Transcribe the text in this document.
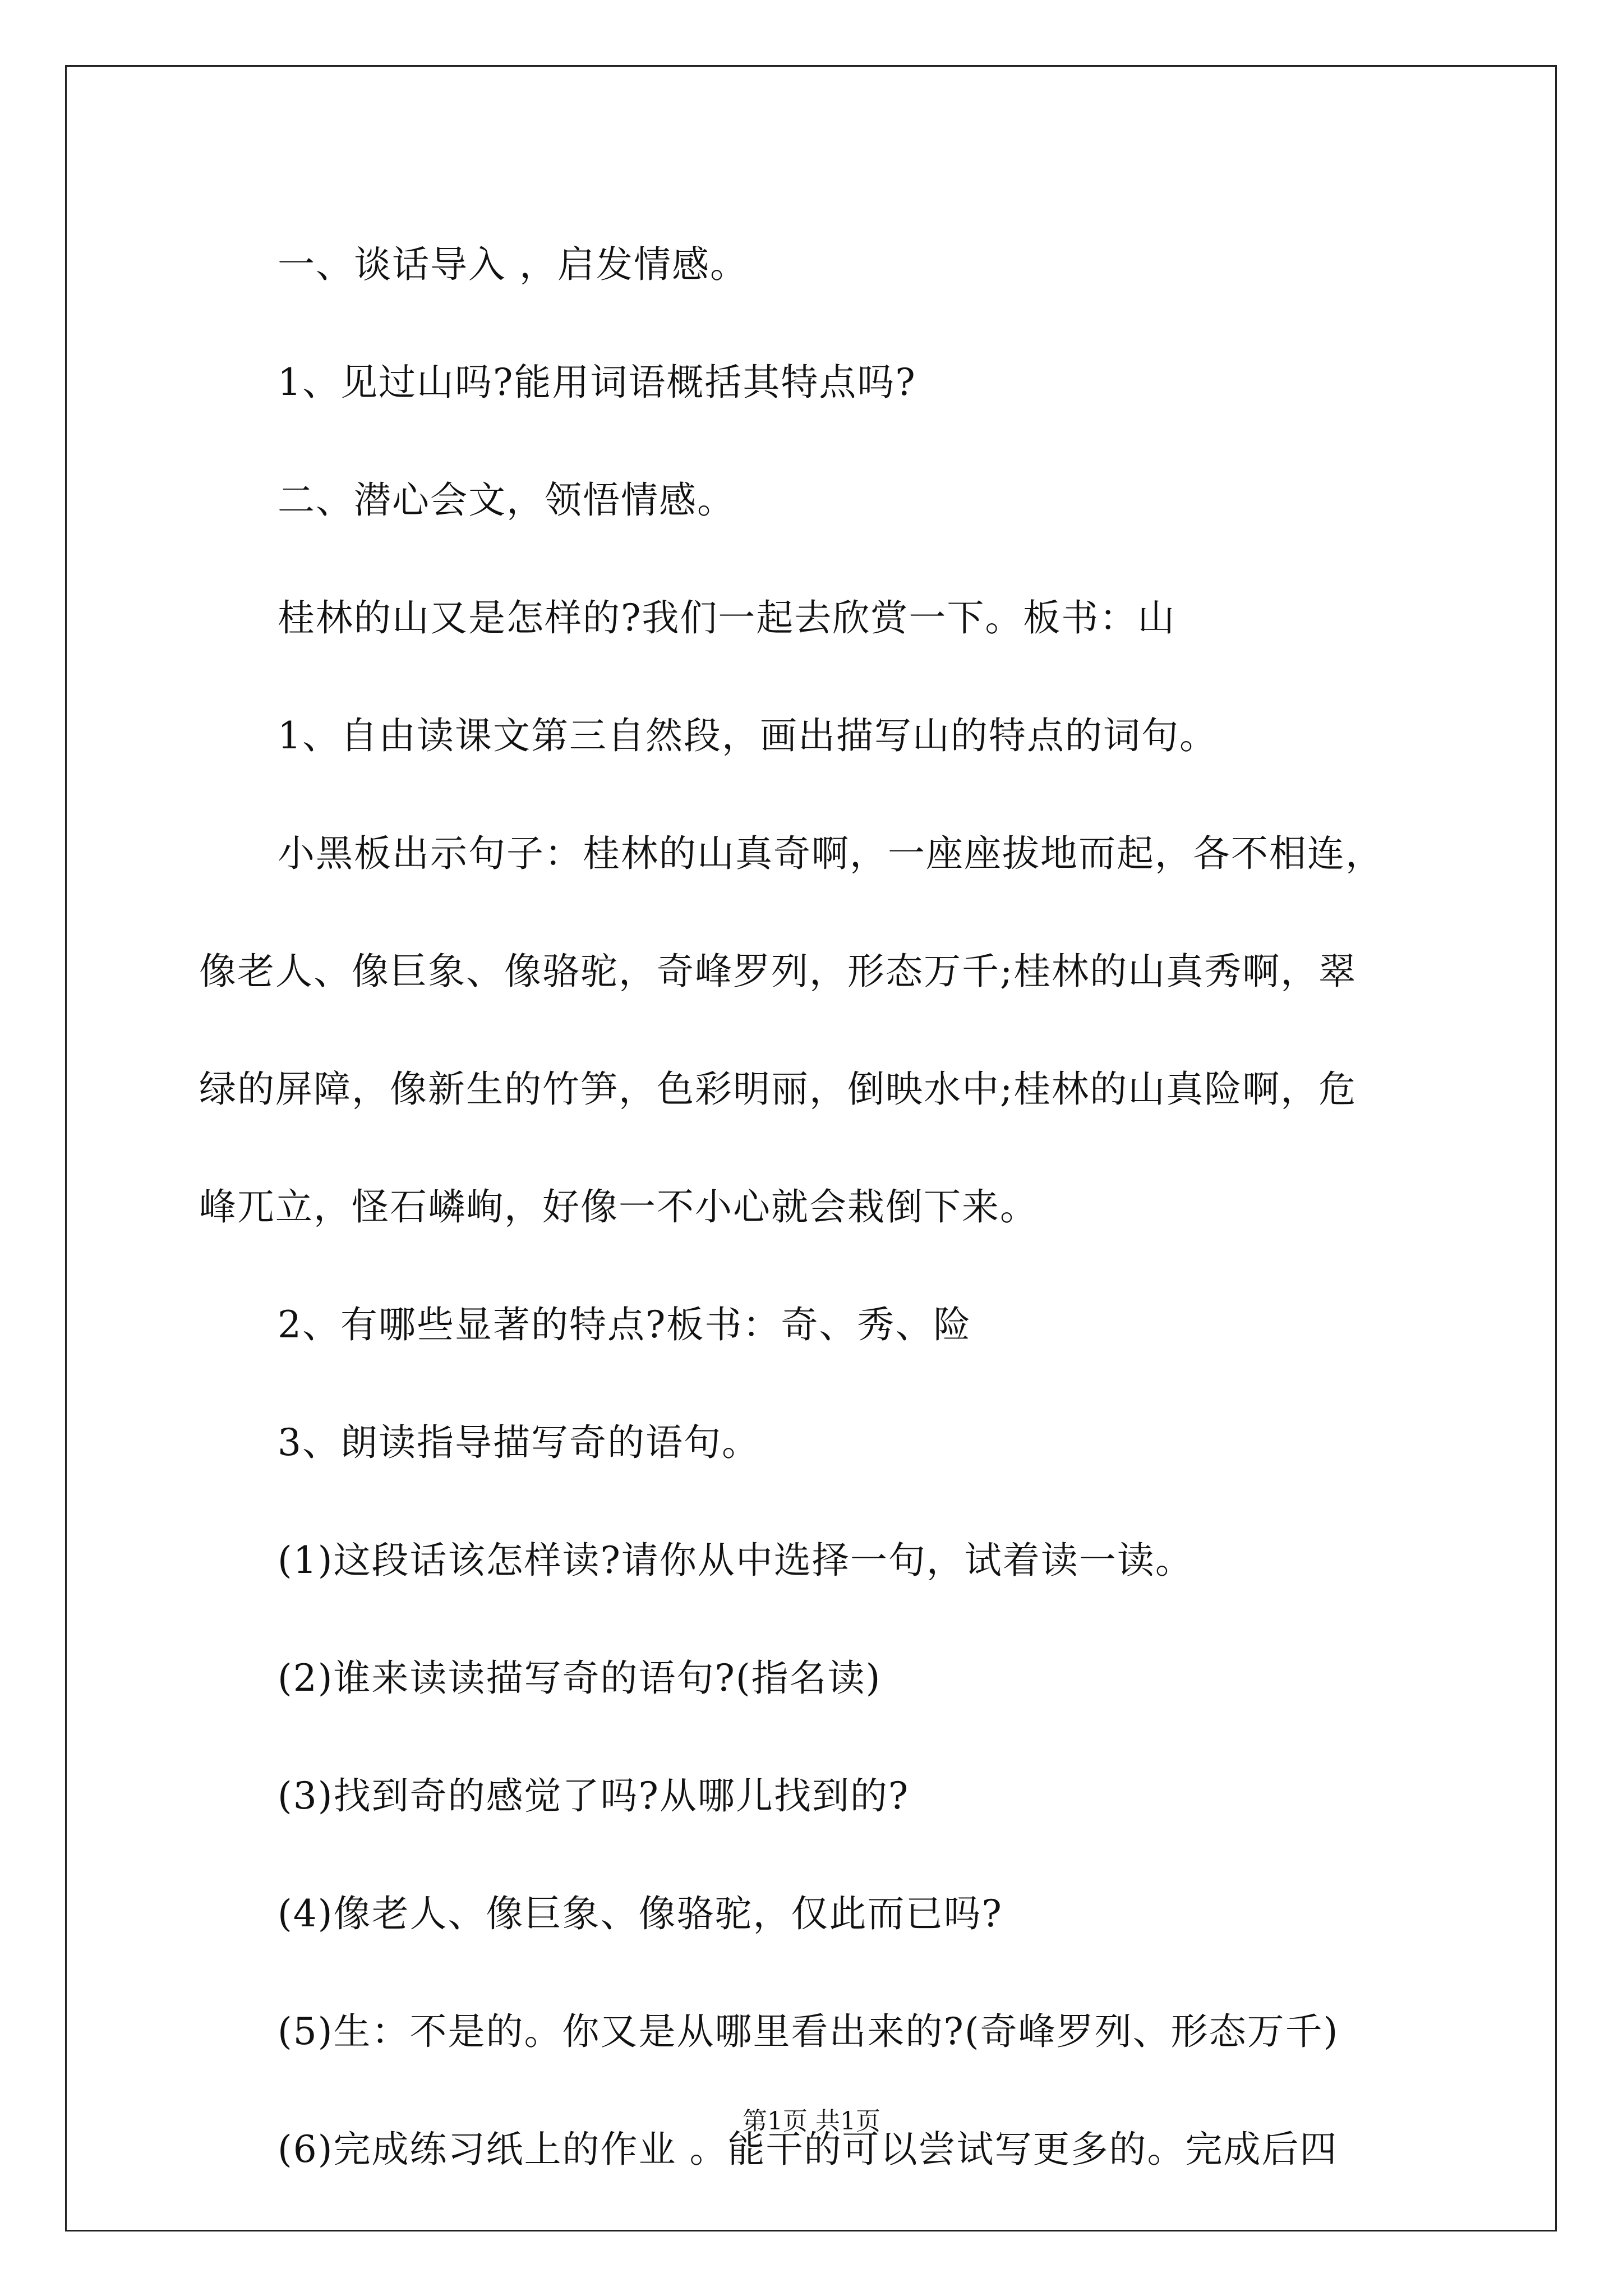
一、谈话导入 ，启发情感。

1、见过山吗?能用词语概括其特点吗?

二、潜心会文，领悟情感。

桂林的山又是怎样的?我们一起去欣赏一下。板书：山

1、自由读课文第三自然段，画出描写山的特点的词句。

小黑板出示句子：桂林的山真奇啊，一座座拔地而起，各不相连，

像老人、像巨象、像骆驼，奇峰罗列，形态万千;桂林的山真秀啊，翠

绿的屏障，像新生的竹笋，色彩明丽，倒映水中;桂林的山真险啊，危

峰兀立，怪石嶙峋，好像一不小心就会栽倒下来。

2、有哪些显著的特点?板书：奇、秀、险

3、朗读指导描写奇的语句。

(1)这段话该怎样读?请你从中选择一句，试着读一读。

(2)谁来读读描写奇的语句?(指名读)

(3)找到奇的感觉了吗?从哪儿找到的?

(4)像老人、像巨象、像骆驼，仅此而已吗?

(5)生：不是的。你又是从哪里看出来的?(奇峰罗列、形态万千)

(6)完成练习纸上的作业 。能干的可以尝试写更多的。完成后四

第1页 共1页
